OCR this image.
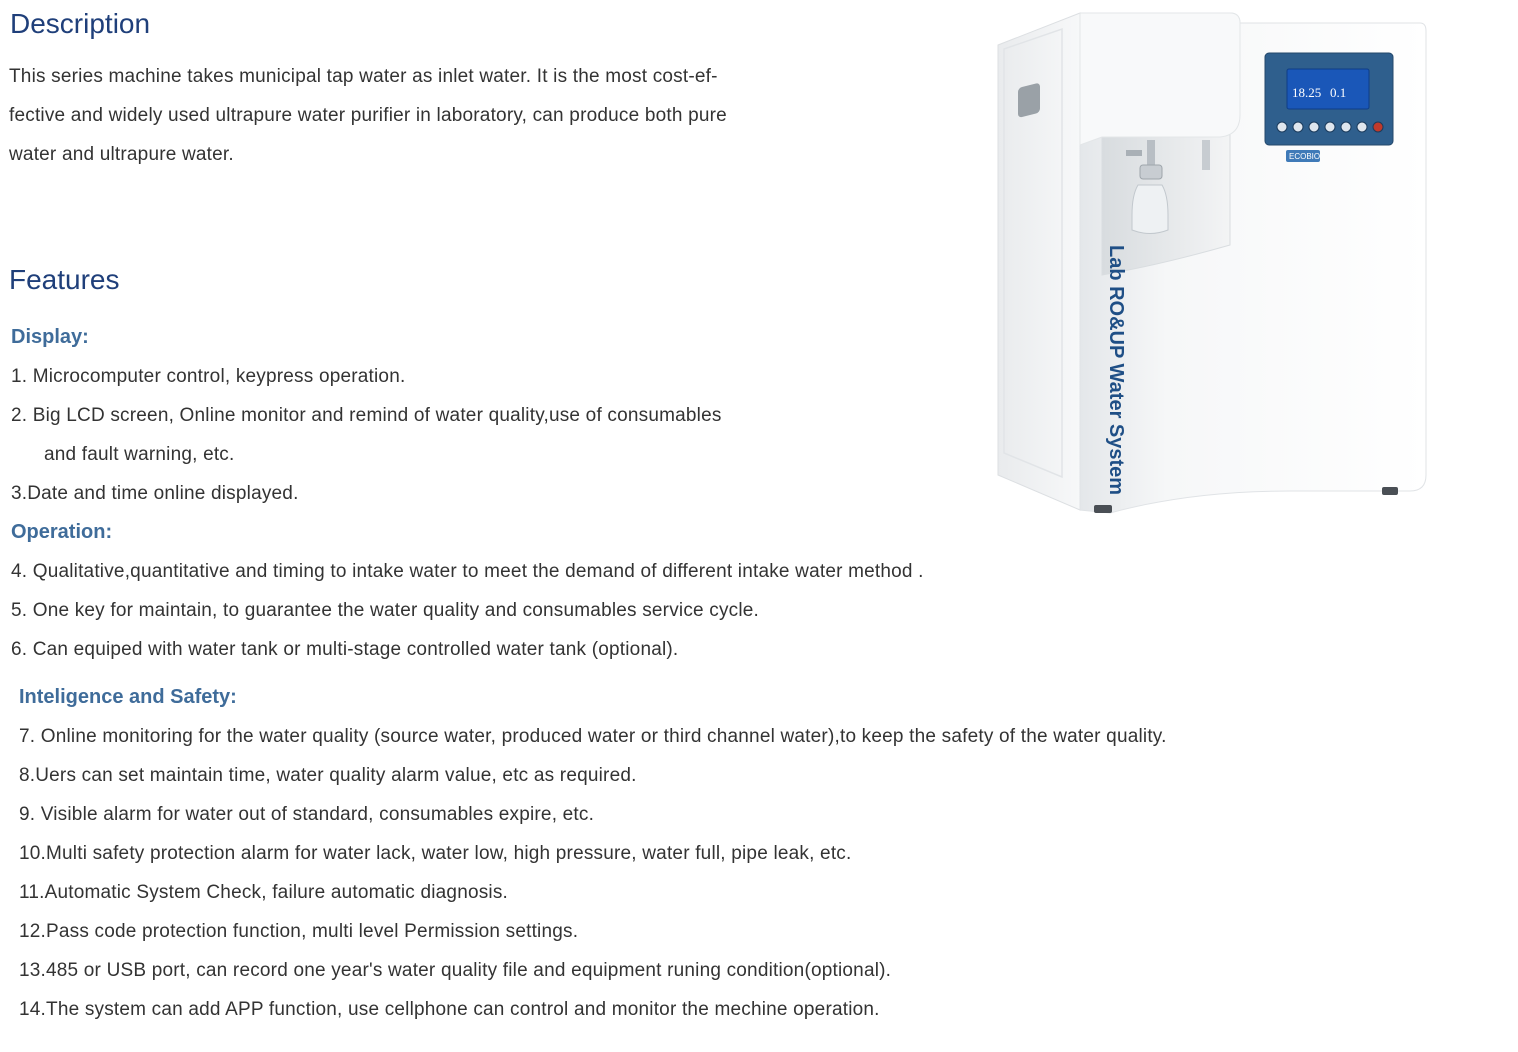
Description
This series machine takes municipal tap water as inlet water. It is the most cost-ef-
fective and widely used ultrapure water purifier in laboratory, can produce both pure
water and ultrapure water.
Features
Display:
1. Microcomputer control, keypress operation.
2. Big LCD screen, Online monitor and remind of water quality,use of consumables
and fault warning, etc.
3.Date and time online displayed.
Operation:
4. Qualitative,quantitative and timing to intake water to meet the demand of different intake water method .
5. One key for maintain, to guarantee the water quality and consumables service cycle.
6. Can equiped with water tank or multi-stage controlled water tank (optional).
Inteligence and Safety:
7. Online monitoring for the water quality (source water, produced water or third channel water),to keep the safety of the water quality.
8.Uers can set maintain time, water quality alarm value, etc as required.
9. Visible alarm for water out of standard, consumables expire, etc.
10.Multi safety protection alarm for water lack, water low, high pressure, water full, pipe leak, etc.
11.Automatic System Check, failure automatic diagnosis.
12.Pass code protection function, multi level Permission settings.
13.485 or USB port, can record one year's water quality file and equipment runing condition(optional).
14.The system can add APP function, use cellphone can control and monitor the mechine operation.
Lab RO&UP Water System
18.25 0.1
ECOBIO
